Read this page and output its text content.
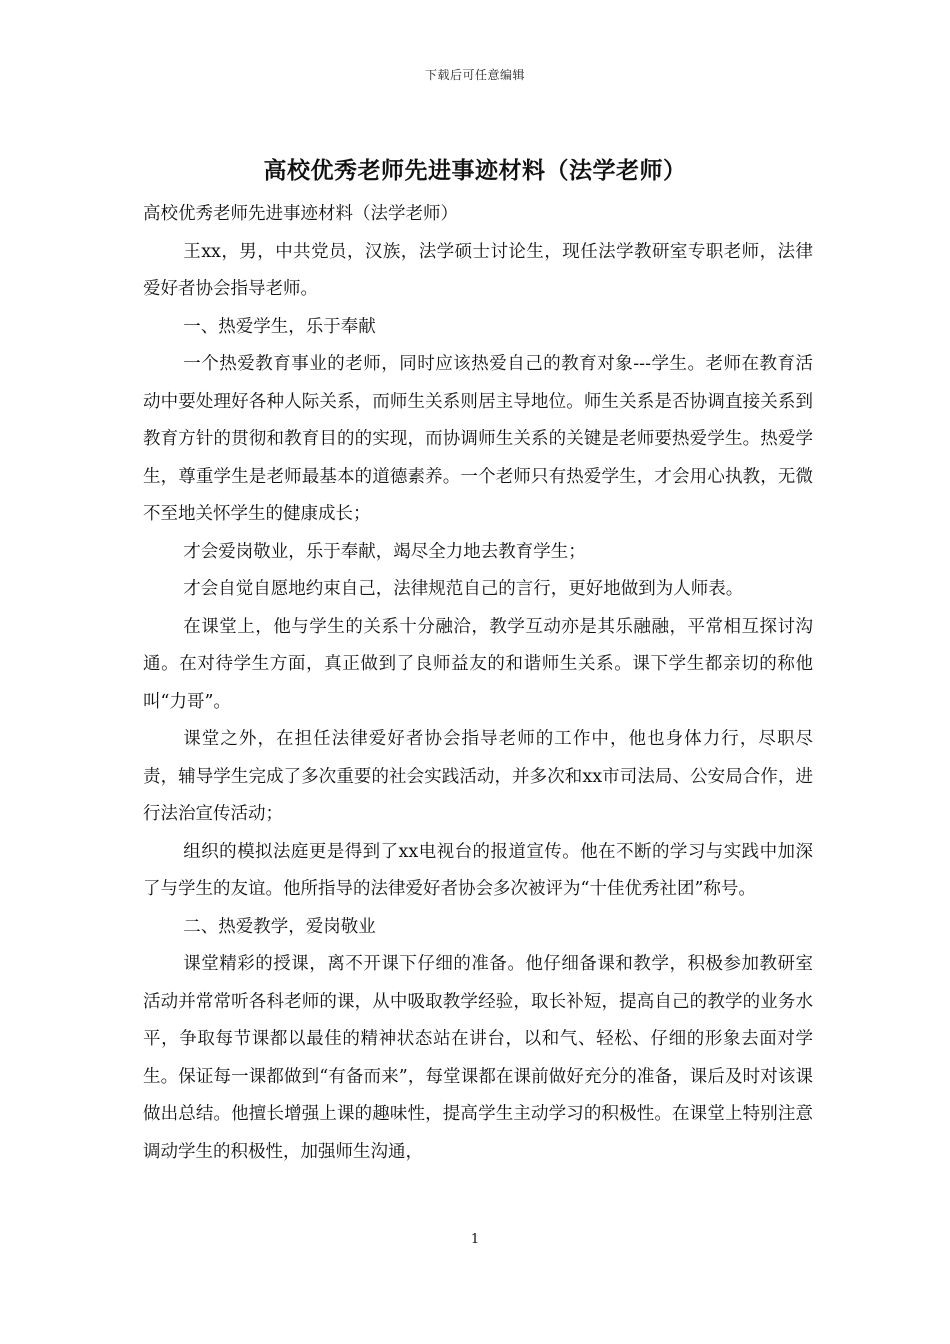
下载后可任意编辑
高校优秀老师先进事迹材料（法学老师）

高校优秀老师先进事迹材料（法学老师）

王xx，男，中共党员，汉族，法学硕士讨论生，现任法学教研室专职老师，法律爱好者协会指导老师。

一、热爱学生，乐于奉献

一个热爱教育事业的老师，同时应该热爱自己的教育对象---学生。老师在教育活动中要处理好各种人际关系，而师生关系则居主导地位。师生关系是否协调直接关系到教育方针的贯彻和教育目的的实现，而协调师生关系的关键是老师要热爱学生。热爱学生，尊重学生是老师最基本的道德素养。一个老师只有热爱学生，才会用心执教，无微不至地关怀学生的健康成长；

才会爱岗敬业，乐于奉献，竭尽全力地去教育学生；

才会自觉自愿地约束自己，法律规范自己的言行，更好地做到为人师表。

在课堂上，他与学生的关系十分融洽，教学互动亦是其乐融融，平常相互探讨沟通。在对待学生方面，真正做到了良师益友的和谐师生关系。课下学生都亲切的称他叫“力哥”。

课堂之外，在担任法律爱好者协会指导老师的工作中，他也身体力行，尽职尽责，辅导学生完成了多次重要的社会实践活动，并多次和xx市司法局、公安局合作，进行法治宣传活动；

组织的模拟法庭更是得到了xx电视台的报道宣传。他在不断的学习与实践中加深了与学生的友谊。他所指导的法律爱好者协会多次被评为“十佳优秀社团”称号。

二、热爱教学，爱岗敬业

课堂精彩的授课，离不开课下仔细的准备。他仔细备课和教学，积极参加教研室活动并常常听各科老师的课，从中吸取教学经验，取长补短，提高自己的教学的业务水平，争取每节课都以最佳的精神状态站在讲台，以和气、轻松、仔细的形象去面对学生。保证每一课都做到“有备而来”，每堂课都在课前做好充分的准备，课后及时对该课做出总结。他擅长增强上课的趣味性，提高学生主动学习的积极性。在课堂上特别注意调动学生的积极性，加强师生沟通，

1
